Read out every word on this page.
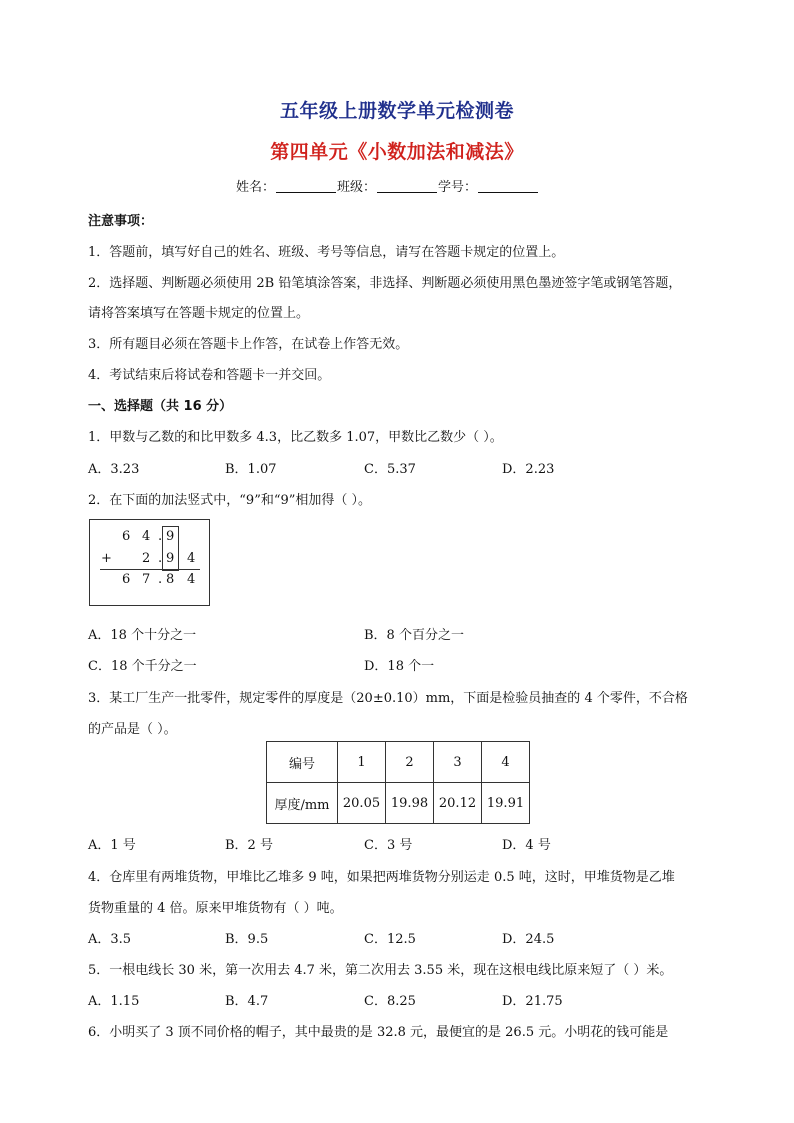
五年级上册数学单元检测卷
第四单元《小数加法和减法》
姓名：	班级：	学号：
注意事项：
1．答题前，填写好自己的姓名、班级、考号等信息，请写在答题卡规定的位置上。
2．选择题、判断题必须使用 2B 铅笔填涂答案，非选择、判断题必须使用黑色墨迹签字笔或钢笔答题，
请将答案填写在答题卡规定的位置上。
3．所有题目必须在答题卡上作答，在试卷上作答无效。
4．考试结束后将试卷和答题卡一并交回。
一、选择题（共 16 分）
1．甲数与乙数的和比甲数多 4.3，比乙数多 1.07，甲数比乙数少（ ）。
A．3.23	B．1.07	C．5.37	D．2.23
2．在下面的加法竖式中，“9”和“9”相加得（ ）。
6 4 . 9
+ 2 . 9 4
6 7 . 8 4
A．18 个十分之一	B．8 个百分之一
C．18 个千分之一	D．18 个一
3．某工厂生产一批零件，规定零件的厚度是（20±0.10）mm，下面是检验员抽查的 4 个零件，不合格
的产品是（ ）。
编号	1	2	3	4
厚度/mm	20.05	19.98	20.12	19.91
A．1 号	B．2 号	C．3 号	D．4 号
4．仓库里有两堆货物，甲堆比乙堆多 9 吨，如果把两堆货物分别运走 0.5 吨，这时，甲堆货物是乙堆
货物重量的 4 倍。原来甲堆货物有（ ）吨。
A．3.5	B．9.5	C．12.5	D．24.5
5．一根电线长 30 米，第一次用去 4.7 米，第二次用去 3.55 米，现在这根电线比原来短了（ ）米。
A．1.15	B．4.7	C．8.25	D．21.75
6．小明买了 3 顶不同价格的帽子，其中最贵的是 32.8 元，最便宜的是 26.5 元。小明花的钱可能是
